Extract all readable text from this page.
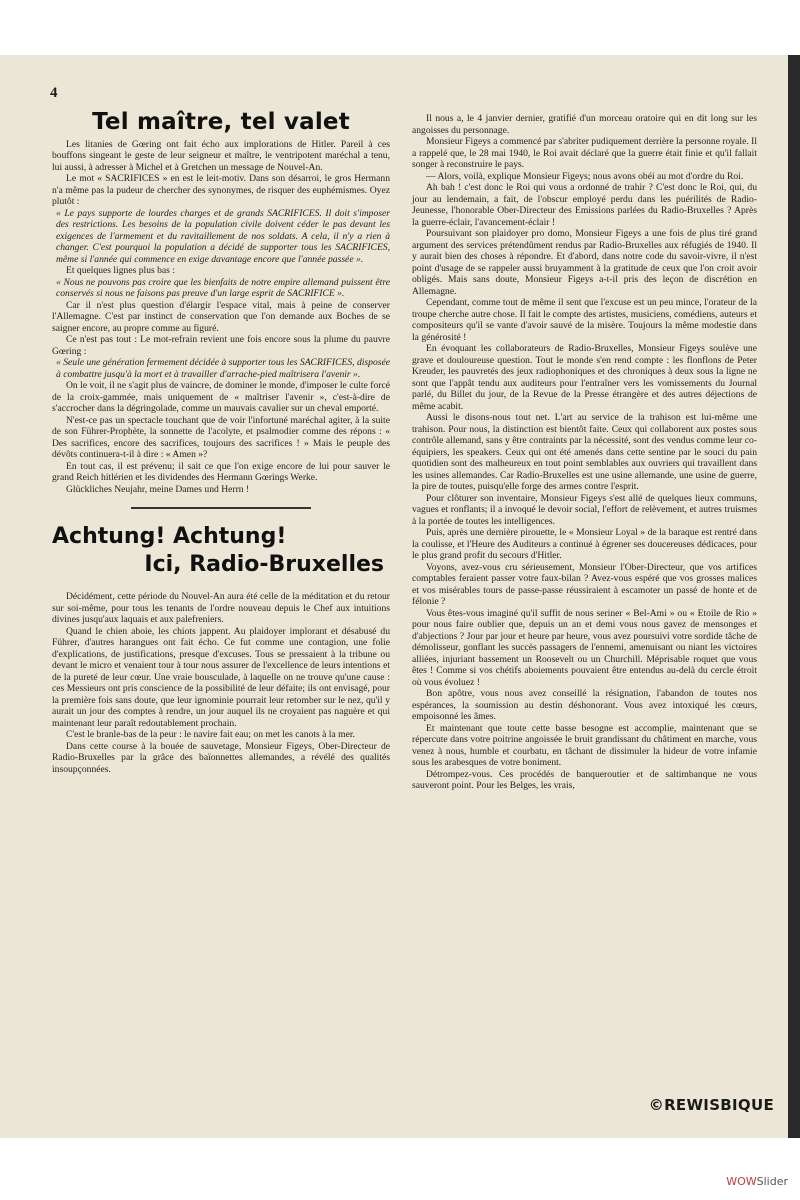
4
Tel maître, tel valet

Les litanies de Gœring ont fait écho aux implorations de Hitler. Pareil à ces bouffons singeant le geste de leur seigneur et maître, le ventripotent maréchal a tenu, lui aussi, à adresser à Michel et à Gretchen un message de Nouvel-An.

Le mot « SACRIFICES » en est le leit-motiv. Dans son désarroi, le gros Hermann n'a même pas la pudeur de chercher des synonymes, de risquer des euphémismes. Oyez plutôt :

« Le pays supporte de lourdes charges et de grands SACRIFICES. Il doit s'imposer des restrictions. Les besoins de la population civile doivent céder le pas devant les exigences de l'armement et du ravitaillement de nos soldats. A cela, il n'y a rien à changer. C'est pourquoi la population a décidé de supporter tous les SACRIFICES, même si l'année qui commence en exige davantage encore que l'année passée ».

Et quelques lignes plus bas :

« Nous ne pouvons pas croire que les bienfaits de notre empire allemand puissent être conservés si nous ne faisons pas preuve d'un large esprit de SACRIFICE ».

Car il n'est plus question d'élargir l'espace vital, mais à peine de conserver l'Allemagne. C'est par instinct de conservation que l'on demande aux Boches de se saigner encore, au propre comme au figuré.

Ce n'est pas tout : Le mot-refrain revient une fois encore sous la plume du pauvre Gœring :

« Seule une génération fermement décidée à supporter tous les SACRIFICES, disposée à combattre jusqu'à la mort et à travailler d'arrache-pied maîtrisera l'avenir ».

On le voit, il ne s'agit plus de vaincre, de dominer le monde, d'imposer le culte forcé de la croix-gammée, mais uniquement de « maîtriser l'avenir », c'est-à-dire de s'accrocher dans la dégringolade, comme un mauvais cavalier sur un cheval emporté.

N'est-ce pas un spectacle touchant que de voir l'infortuné maréchal agiter, à la suite de son Führer-Prophète, la sonnette de l'acolyte, et psalmodier comme des répons : « Des sacrifices, encore des sacrifices, toujours des sacrifices ! » Mais le peuple des dévôts continuera-t-il à dire : « Amen »?

En tout cas, il est prévenu; il sait ce que l'on exige encore de lui pour sauver le grand Reich hitlérien et les dividendes des Hermann Gœrings Werke.

Glückliches Neujahr, meine Dames und Herrn !

Achtung! Achtung!
Ici, Radio-Bruxelles

Décidément, cette période du Nouvel-An aura été celle de la méditation et du retour sur soi-même, pour tous les tenants de l'ordre nouveau depuis le Chef aux intuitions divines jusqu'aux laquais et aux palefreniers.

Quand le chien aboie, les chiots jappent. Au plaidoyer implorant et désabusé du Führer, d'autres harangues ont fait écho. Ce fut comme une contagion, une folie d'explications, de justifications, presque d'excuses. Tous se pressaient à la tribune ou devant le micro et venaient tour à tour nous assurer de l'excellence de leurs intentions et de la pureté de leur cœur. Une vraie bousculade, à laquelle on ne trouve qu'une cause : ces Messieurs ont pris conscience de la possibilité de leur défaite; ils ont envisagé, pour la première fois sans doute, que leur ignominie pourrait leur retomber sur le nez, qu'il y aurait un jour des comptes à rendre, un jour auquel ils ne croyaient pas naguère et qui maintenant leur paraît redoutablement prochain.

C'est le branle-bas de la peur : le navire fait eau; on met les canots à la mer.

Dans cette course à la bouée de sauvetage, Monsieur Figeys, Ober-Directeur de Radio-Bruxelles par la grâce des baïonnettes allemandes, a révélé des qualités insoupçonnées.

Il nous a, le 4 janvier dernier, gratifié d'un morceau oratoire qui en dit long sur les angoisses du personnage.

Monsieur Figeys a commencé par s'abriter pudiquement derrière la personne royale. Il a rappelé que, le 28 mai 1940, le Roi avait déclaré que la guerre était finie et qu'il fallait songer à reconstruire le pays.

— Alors, voilà, explique Monsieur Figeys; nous avons obéi au mot d'ordre du Roi.

Ah bah ! c'est donc le Roi qui vous a ordonné de trahir ? C'est donc le Roi, qui, du jour au lendemain, a fait, de l'obscur employé perdu dans les puérilités de Radio-Jeunesse, l'honorable Ober-Directeur des Emissions parlées du Radio-Bruxelles ? Après la guerre-éclair, l'avancement-éclair !

Poursuivant son plaidoyer pro domo, Monsieur Figeys a une fois de plus tiré grand argument des services prétendûment rendus par Radio-Bruxelles aux réfugiés de 1940. Il y aurait bien des choses à répondre. Et d'abord, dans notre code du savoir-vivre, il n'est point d'usage de se rappeler aussi bruyamment à la gratitude de ceux que l'on croit avoir obligés. Mais sans doute, Monsieur Figeys a-t-il pris des leçon de discrétion en Allemagne.

Cependant, comme tout de même il sent que l'excuse est un peu mince, l'orateur de la troupe cherche autre chose. Il fait le compte des artistes, musiciens, comédiens, auteurs et compositeurs qu'il se vante d'avoir sauvé de la misère. Toujours la même modestie dans la générosité !

En évoquant les collaborateurs de Radio-Bruxelles, Monsieur Figeys soulève une grave et douloureuse question. Tout le monde s'en rend compte : les flonflons de Peter Kreuder, les pauvretés des jeux radiophoniques et des chroniques à deux sous la ligne ne sont que l'appât tendu aux auditeurs pour l'entraîner vers les vomissements du Journal parlé, du Billet du jour, de la Revue de la Presse étrangère et des autres déjections de même acabit.

Aussi le disons-nous tout net. L'art au service de la trahison est lui-même une trahison. Pour nous, la distinction est bientôt faite. Ceux qui collaborent aux postes sous contrôle allemand, sans y être contraints par la nécessité, sont des vendus comme leur co-équipiers, les speakers. Ceux qui ont été amenés dans cette sentine par le souci du pain quotidien sont des malheureux en tout point semblables aux ouvriers qui travaillent dans les usines allemandes. Car Radio-Bruxelles est une usine allemande, une usine de guerre, la pire de toutes, puisqu'elle forge des armes contre l'esprit.

Pour clôturer son inventaire, Monsieur Figeys s'est allé de quelques lieux communs, vagues et ronflants; il a invoqué le devoir social, l'effort de relèvement, et autres truismes à la portée de toutes les intelligences.

Puis, après une dernière pirouette, le « Monsieur Loyal » de la baraque est rentré dans la coulisse, et l'Heure des Auditeurs a continué à égrener ses doucereuses dédicaces, pour le plus grand profit du secours d'Hitler.

Voyons, avez-vous cru sérieusement, Monsieur l'Ober-Directeur, que vos artifices comptables feraient passer votre faux-bilan ? Avez-vous espéré que vos grosses malices et vos misérables tours de passe-passe réussiraient à escamoter un passé de honte et de félonie ?

Vous êtes-vous imaginé qu'il suffit de nous seriner « Bel-Ami » ou « Etoile de Rio » pour nous faire oublier que, depuis un an et demi vous nous gavez de mensonges et d'abjections ? Jour par jour et heure par heure, vous avez poursuivi votre sordide tâche de démolisseur, gonflant les succès passagers de l'ennemi, amenuisant ou niant les victoires alliées, injuriant bassement un Roosevelt ou un Churchill. Méprisable roquet que vous êtes ! Comme si vos chétifs aboiements pouvaient être entendus au-delà du cercle étroit où vous évoluez !

Bon apôtre, vous nous avez conseillé la résignation, l'abandon de toutes nos espérances, la soumission au destin déshonorant. Vous avez intoxiqué les cœurs, empoisonné les âmes.

Et maintenant que toute cette basse besogne est accomplie, maintenant que se répercute dans votre poitrine angoissée le bruit grandissant du châtiment en marche, vous venez à nous, humble et courbatu, en tâchant de dissimuler la hideur de votre infamie sous les arabesques de votre boniment.

Détrompez-vous. Ces procédés de banqueroutier et de saltimbanque ne vous sauveront point. Pour les Belges, les vrais,

©REWISBIQUE
WOWSlider
